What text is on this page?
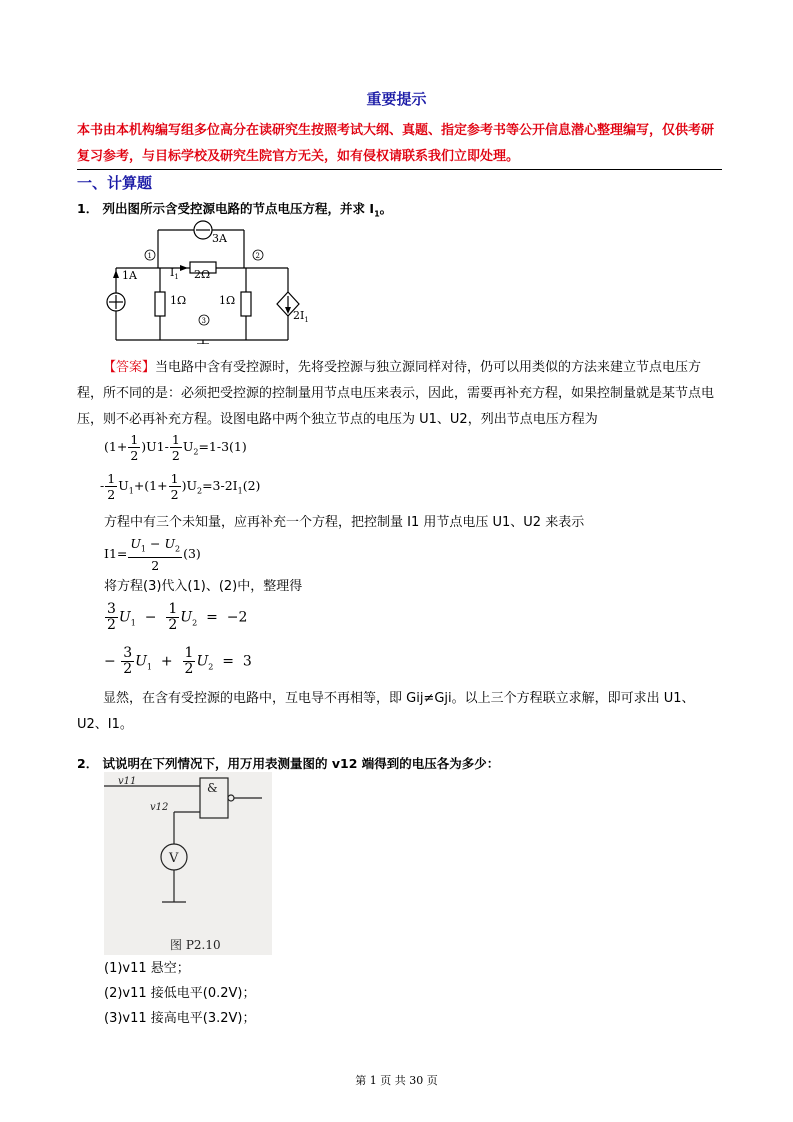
重要提示
本书由本机构编写组多位高分在读研究生按照考试大纲、真题、指定参考书等公开信息潜心整理编写，仅供考研复习参考，与目标学校及研究生院官方无关，如有侵权请联系我们立即处理。
一、计算题
1． 列出图所示含受控源电路的节点电压方程，并求 $I_1$。
1	2
3
3A
1A	$I_1$ 2Ω
1Ω	1Ω
$2I_1$
【答案】当电路中含有受控源时，先将受控源与独立源同样对待，仍可以用类似的方法来建立节点电压方程，所不同的是：必须把受控源的控制量用节点电压来表示，因此，需要再补充方程，如果控制量就是某节点电压，则不必再补充方程。设图电路中两个独立节点的电压为 U1、U2，列出节点电压方程为
$(1+ \frac{1}{2} )U1- \frac{1}{2} U_2=1-3(1)$
- $\frac{1}{2} U_1+(1+ \frac{1}{2} )U_2=3-2I_1(2)$
方程中有三个未知量，应再补充一个方程，把控制量 I1 用节点电压 U1、U2 来表示
$I1= \frac{U_1 - U_2}{2} (3)$
将方程(3)代入(1)、(2)中，整理得
$\frac{3}{2} U_1 - \frac{1}{2} U_2 = -2$
− $\frac{3}{2} U_1 + \frac{1}{2} U_2 = 3$
显然，在含有受控源的电路中，互电导不再相等，即 Gij≠Gji。以上三个方程联立求解，即可求出 U1、U2、I1。
2． 试说明在下列情况下，用万用表测量图的 v12 端得到的电压各为多少：
v11
v12
&
V
图 P2.10
(1)v11 悬空；
(2)v11 接低电平(0.2V)；
(3)v11 接高电平(3.2V)；
第 1 页 共 30 页
